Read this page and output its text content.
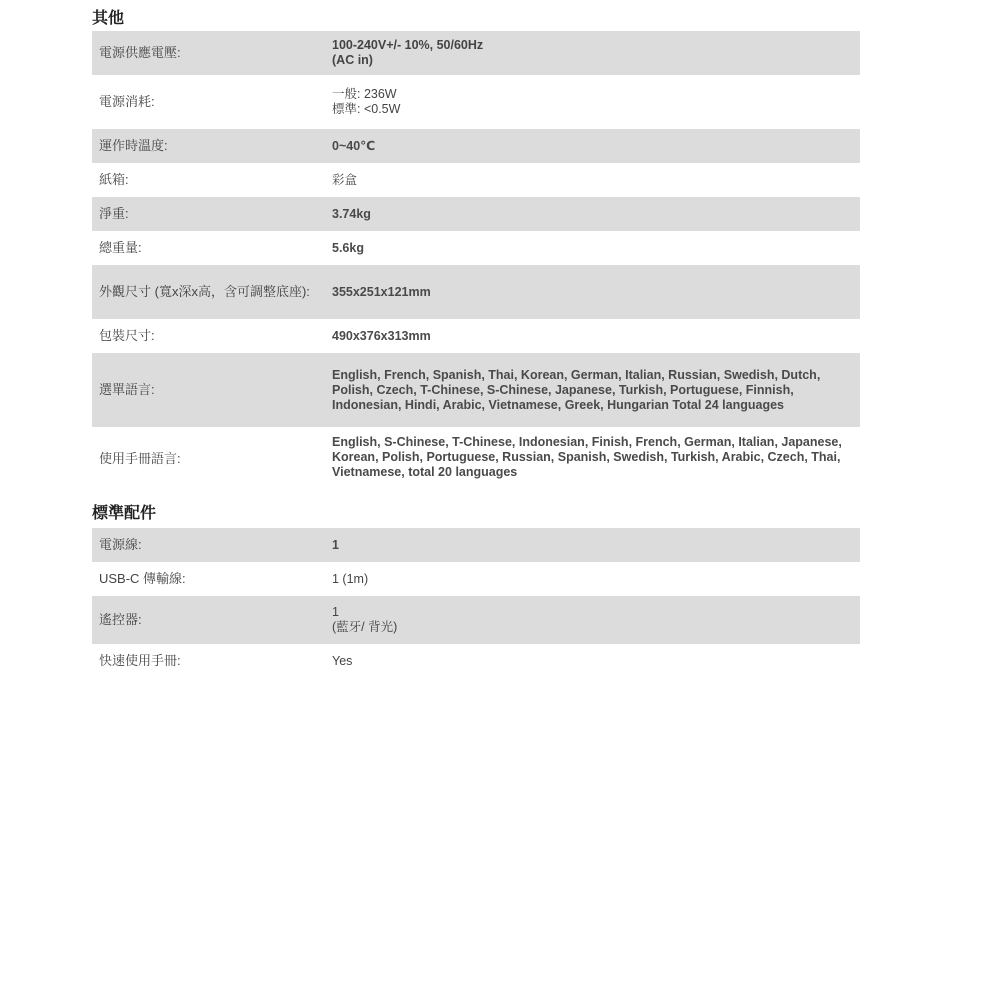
其他
電源供應電壓:	100-240V+/- 10%, 50/60Hz
(AC in)
電源消耗:	一般: 236W
標準: <0.5W
運作時溫度:	0~40℃
紙箱:	彩盒
淨重:	3.74kg
總重量:	5.6kg
外觀尺寸 (寬x深x高，含可調整底座):	355x251x121mm
包裝尺寸:	490x376x313mm
選單語言:
English, French, Spanish, Thai, Korean, German, Italian, Russian, Swedish, Dutch, Polish, Czech, T-Chinese, S-Chinese, Japanese, Turkish, Portuguese, Finnish, Indonesian, Hindi, Arabic, Vietnamese, Greek, Hungarian Total 24 languages
使用手冊語言:
English, S-Chinese, T-Chinese, Indonesian, Finish, French, German, Italian, Japanese, Korean, Polish, Portuguese, Russian, Spanish, Swedish, Turkish, Arabic, Czech, Thai, Vietnamese, total 20 languages
標準配件
電源線:	1
USB-C 傳輸線:	1 (1m)
遙控器:	1
(藍牙/ 背光)
快速使用手冊:	Yes
